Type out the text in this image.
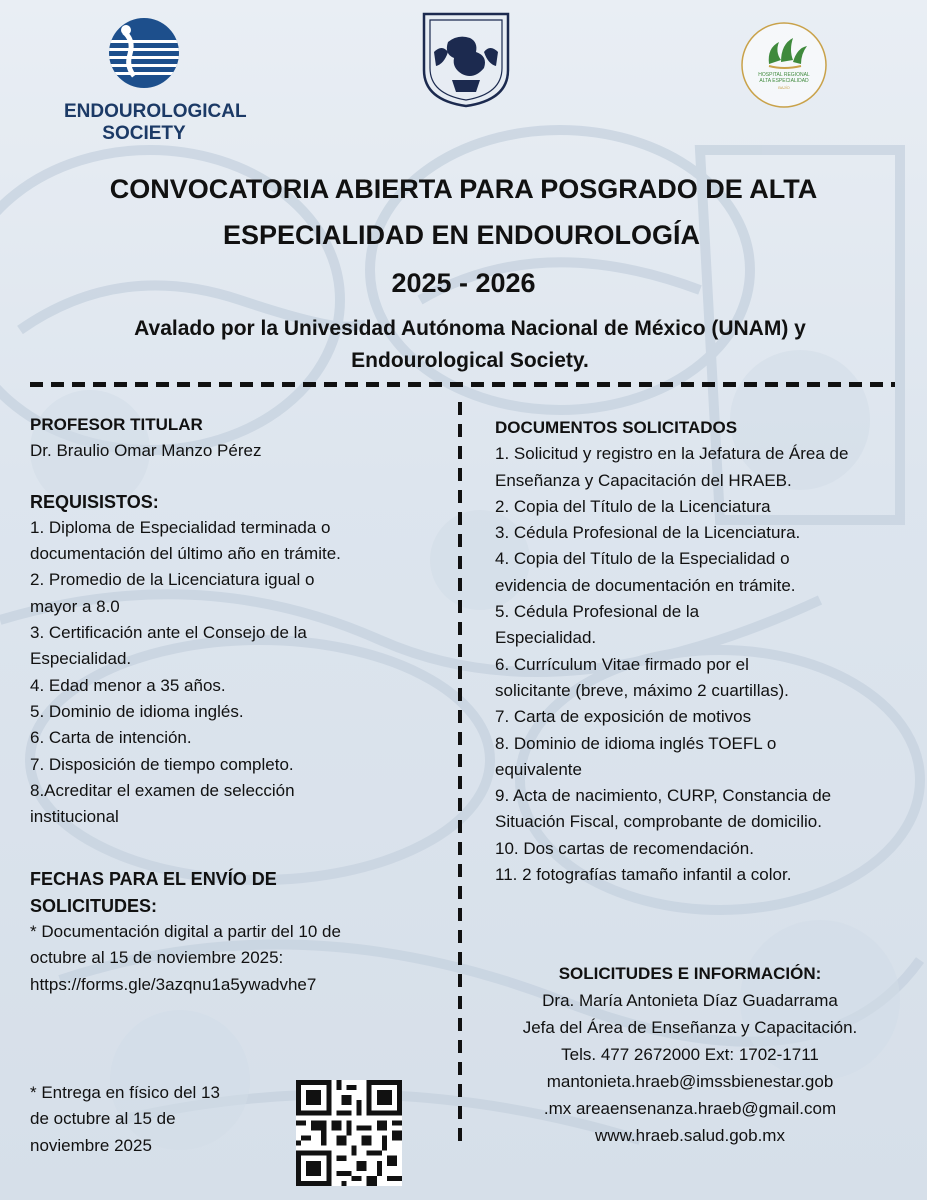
ENDOUROLOGICAL
SOCIETY
HOSPITAL REGIONAL
ALTA ESPECIALIDAD
BAJÍO
CONVOCATORIA ABIERTA PARA POSGRADO DE ALTA
ESPECIALIDAD EN ENDOUROLOGÍA
2025 - 2026
Avalado por la Univesidad Autónoma Nacional de México (UNAM) y
Endourological Society.
PROFESOR TITULAR
Dr. Braulio Omar Manzo Pérez
REQUISISTOS:
1. Diploma de Especialidad terminada o
documentación del último año en trámite.
2. Promedio de la Licenciatura igual o
mayor a 8.0
3. Certificación ante el Consejo de la
Especialidad.
4. Edad menor a 35 años.
5. Dominio de idioma inglés.
6. Carta de intención.
7. Disposición de tiempo completo.
8.Acreditar el examen de selección
institucional
FECHAS PARA EL ENVÍO DE
SOLICITUDES:
* Documentación digital a partir del 10 de
octubre al 15 de noviembre 2025:
https://forms.gle/3azqnu1a5ywadvhe7
* Entrega en físico del 13
de octubre al 15 de
noviembre 2025
DOCUMENTOS SOLICITADOS
1. Solicitud y registro en la Jefatura de Área de
Enseñanza y Capacitación del HRAEB.
2. Copia del Título de la Licenciatura
3. Cédula Profesional de la Licenciatura.
4. Copia del Título de la Especialidad o
evidencia de documentación en trámite.
5. Cédula Profesional de la
Especialidad.
6. Currículum Vitae firmado por el
solicitante (breve, máximo 2 cuartillas).
7. Carta de exposición de motivos
8. Dominio de idioma inglés TOEFL o
equivalente
9. Acta de nacimiento, CURP, Constancia de
Situación Fiscal, comprobante de domicilio.
10. Dos cartas de recomendación.
11. 2 fotografías tamaño infantil a color.
SOLICITUDES E INFORMACIÓN:
Dra. María Antonieta Díaz Guadarrama
Jefa del Área de Enseñanza y Capacitación.
Tels. 477 2672000 Ext: 1702-1711
mantonieta.hraeb@imssbienestar.gob
.mx areaensenanza.hraeb@gmail.com
www.hraeb.salud.gob.mx
